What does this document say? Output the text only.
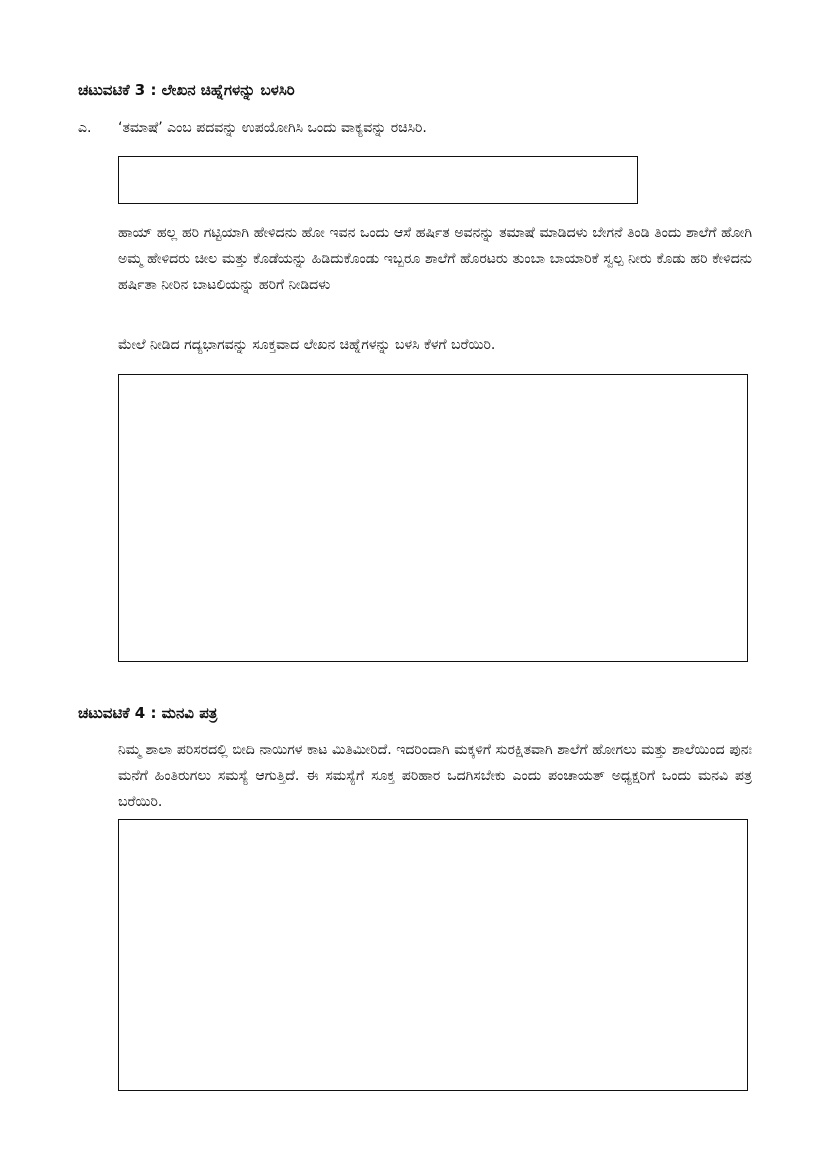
ಚಟುವಟಿಕೆ 3 : ಲೇಖನ ಚಿಹ್ನೆಗಳನ್ನು ಬಳಸಿರಿ
ಎ. ‘ತಮಾಷೆ’ ಎಂಬ ಪದವನ್ನು ಉಪಯೋಗಿಸಿ ಒಂದು ವಾಕ್ಯವನ್ನು ರಚಿಸಿರಿ.
ಹಾಯ್ ಹಲ್ಲ ಹರಿ ಗಟ್ಟಿಯಾಗಿ ಹೇಳಿದನು ಹೋ ಇವನ ಒಂದು ಆಸೆ ಹರ್ಷಿತ ಅವನನ್ನು ತಮಾಷೆ ಮಾಡಿದಳು ಬೇಗನೆ ತಿಂಡಿ ತಿಂದು ಶಾಲೆಗೆ ಹೋಗಿ ಅಮ್ಮ ಹೇಳಿದರು ಚೀಲ ಮತ್ತು ಕೊಡೆಯನ್ನು ಹಿಡಿದುಕೊಂಡು ಇಬ್ಬರೂ ಶಾಲೆಗೆ ಹೊರಟರು ತುಂಬಾ ಬಾಯಾರಿಕೆ ಸ್ವಲ್ಪ ನೀರು ಕೊಡು ಹರಿ ಕೇಳಿದನು ಹರ್ಷಿತಾ ನೀರಿನ ಬಾಟಲಿಯನ್ನು ಹರಿಗೆ ನೀಡಿದಳು
ಮೇಲೆ ನೀಡಿದ ಗದ್ಯಭಾಗವನ್ನು ಸೂಕ್ತವಾದ ಲೇಖನ ಚಿಹ್ನೆಗಳನ್ನು ಬಳಸಿ ಕೆಳಗೆ ಬರೆಯಿರಿ.
ಚಟುವಟಿಕೆ 4 : ಮನವಿ ಪತ್ರ
ನಿಮ್ಮ ಶಾಲಾ ಪರಿಸರದಲ್ಲಿ ಬೀದಿ ನಾಯಿಗಳ ಕಾಟ ಮಿತಿಮೀರಿದೆ. ಇದರಿಂದಾಗಿ ಮಕ್ಕಳಿಗೆ ಸುರಕ್ಷಿತವಾಗಿ ಶಾಲೆಗೆ ಹೋಗಲು ಮತ್ತು ಶಾಲೆಯಿಂದ ಪುನಃ ಮನೆಗೆ ಹಿಂತಿರುಗಲು ಸಮಸ್ಯೆ ಆಗುತ್ತಿದೆ. ಈ ಸಮಸ್ಯೆಗೆ ಸೂಕ್ತ ಪರಿಹಾರ ಒದಗಿಸಬೇಕು ಎಂದು ಪಂಚಾಯತ್ ಅಧ್ಯಕ್ಷರಿಗೆ ಒಂದು ಮನವಿ ಪತ್ರ ಬರೆಯಿರಿ.
